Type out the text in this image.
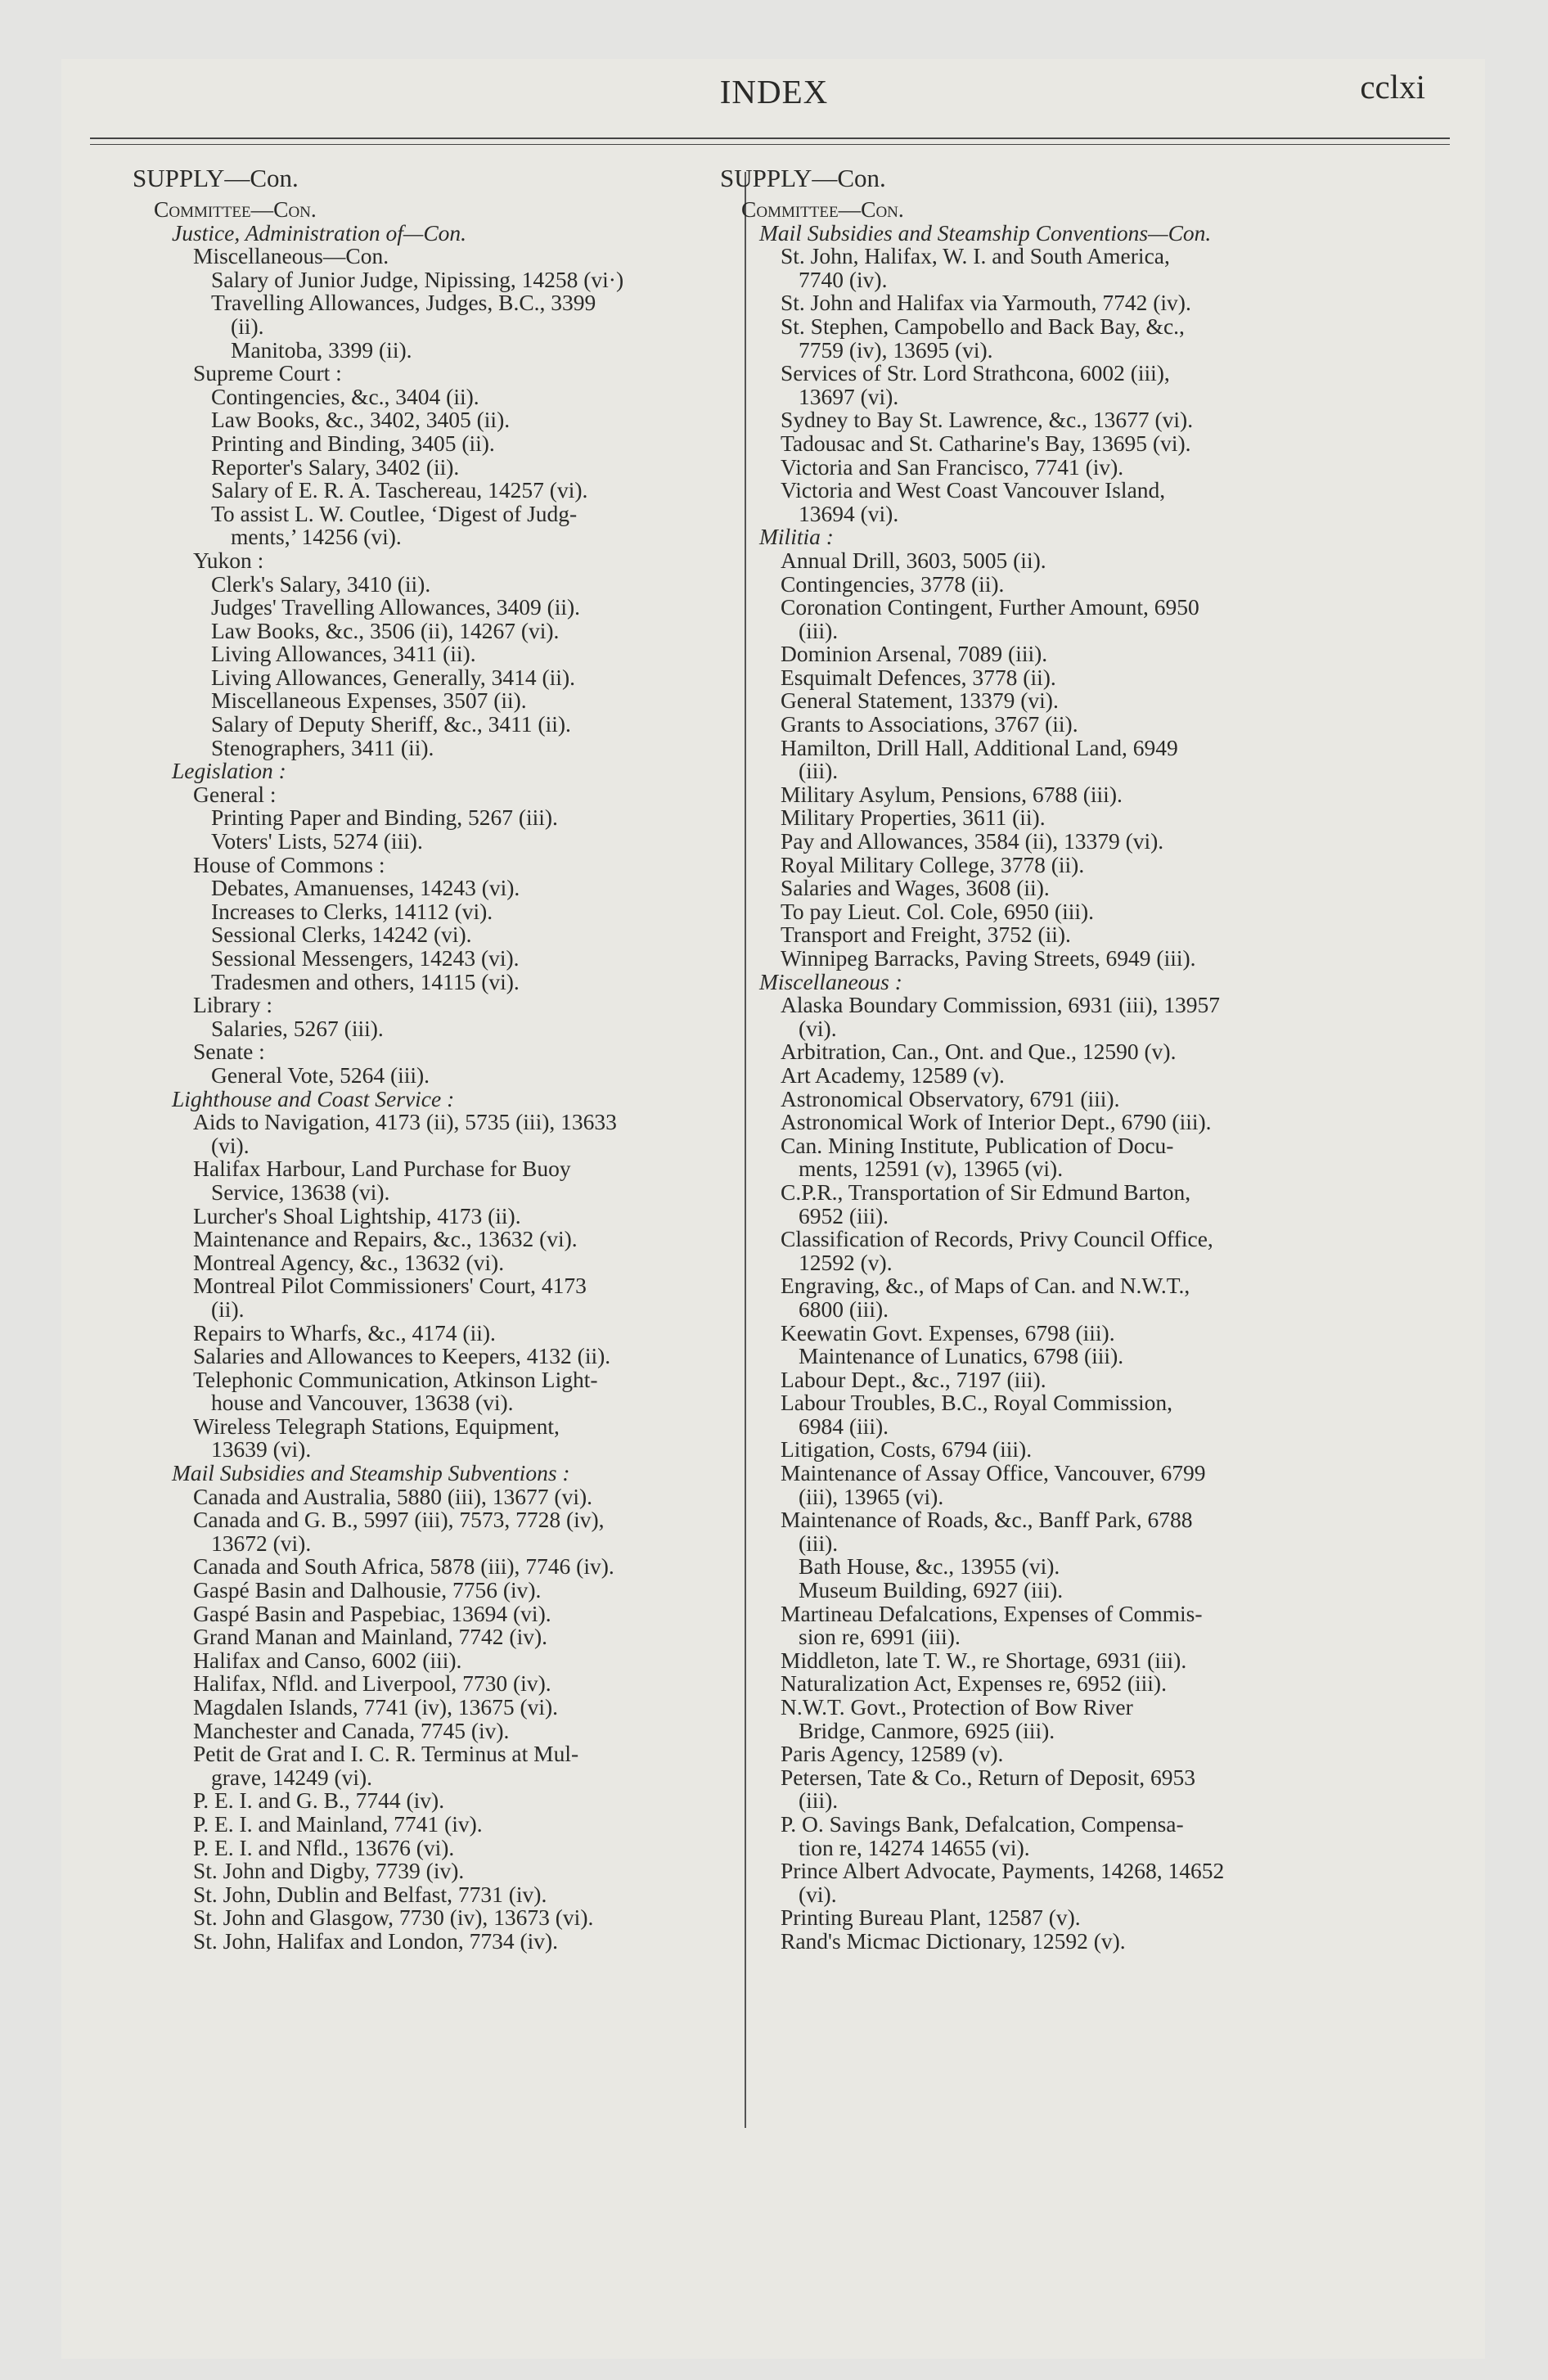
INDEX	cclxi
SUPPLY—Con.
Committee—Con.
Justice, Administration of—Con.
Miscellaneous—Con.
Salary of Junior Judge, Nipissing, 14258 (vi·)
Travelling Allowances, Judges, B.C., 3399
(ii).
Manitoba, 3399 (ii).
Supreme Court :
Contingencies, &c., 3404 (ii).
Law Books, &c., 3402, 3405 (ii).
Printing and Binding, 3405 (ii).
Reporter's Salary, 3402 (ii).
Salary of E. R. A. Taschereau, 14257 (vi).
To assist L. W. Coutlee, ‘Digest of Judg-
ments,’ 14256 (vi).
Yukon :
Clerk's Salary, 3410 (ii).
Judges' Travelling Allowances, 3409 (ii).
Law Books, &c., 3506 (ii), 14267 (vi).
Living Allowances, 3411 (ii).
Living Allowances, Generally, 3414 (ii).
Miscellaneous Expenses, 3507 (ii).
Salary of Deputy Sheriff, &c., 3411 (ii).
Stenographers, 3411 (ii).
Legislation :
General :
Printing Paper and Binding, 5267 (iii).
Voters' Lists, 5274 (iii).
House of Commons :
Debates, Amanuenses, 14243 (vi).
Increases to Clerks, 14112 (vi).
Sessional Clerks, 14242 (vi).
Sessional Messengers, 14243 (vi).
Tradesmen and others, 14115 (vi).
Library :
Salaries, 5267 (iii).
Senate :
General Vote, 5264 (iii).
Lighthouse and Coast Service :
Aids to Navigation, 4173 (ii), 5735 (iii), 13633
(vi).
Halifax Harbour, Land Purchase for Buoy
Service, 13638 (vi).
Lurcher's Shoal Lightship, 4173 (ii).
Maintenance and Repairs, &c., 13632 (vi).
Montreal Agency, &c., 13632 (vi).
Montreal Pilot Commissioners' Court, 4173
(ii).
Repairs to Wharfs, &c., 4174 (ii).
Salaries and Allowances to Keepers, 4132 (ii).
Telephonic Communication, Atkinson Light-
house and Vancouver, 13638 (vi).
Wireless Telegraph Stations, Equipment,
13639 (vi).
Mail Subsidies and Steamship Subventions :
Canada and Australia, 5880 (iii), 13677 (vi).
Canada and G. B., 5997 (iii), 7573, 7728 (iv),
13672 (vi).
Canada and South Africa, 5878 (iii), 7746 (iv).
Gaspé Basin and Dalhousie, 7756 (iv).
Gaspé Basin and Paspebiac, 13694 (vi).
Grand Manan and Mainland, 7742 (iv).
Halifax and Canso, 6002 (iii).
Halifax, Nfld. and Liverpool, 7730 (iv).
Magdalen Islands, 7741 (iv), 13675 (vi).
Manchester and Canada, 7745 (iv).
Petit de Grat and I. C. R. Terminus at Mul-
grave, 14249 (vi).
P. E. I. and G. B., 7744 (iv).
P. E. I. and Mainland, 7741 (iv).
P. E. I. and Nfld., 13676 (vi).
St. John and Digby, 7739 (iv).
St. John, Dublin and Belfast, 7731 (iv).
St. John and Glasgow, 7730 (iv), 13673 (vi).
St. John, Halifax and London, 7734 (iv).
SUPPLY—Con.
Committee—Con.
Mail Subsidies and Steamship Conventions—Con.
St. John, Halifax, W. I. and South America,
7740 (iv).
St. John and Halifax via Yarmouth, 7742 (iv).
St. Stephen, Campobello and Back Bay, &c.,
7759 (iv), 13695 (vi).
Services of Str. Lord Strathcona, 6002 (iii),
13697 (vi).
Sydney to Bay St. Lawrence, &c., 13677 (vi).
Tadousac and St. Catharine's Bay, 13695 (vi).
Victoria and San Francisco, 7741 (iv).
Victoria and West Coast Vancouver Island,
13694 (vi).
Militia :
Annual Drill, 3603, 5005 (ii).
Contingencies, 3778 (ii).
Coronation Contingent, Further Amount, 6950
(iii).
Dominion Arsenal, 7089 (iii).
Esquimalt Defences, 3778 (ii).
General Statement, 13379 (vi).
Grants to Associations, 3767 (ii).
Hamilton, Drill Hall, Additional Land, 6949
(iii).
Military Asylum, Pensions, 6788 (iii).
Military Properties, 3611 (ii).
Pay and Allowances, 3584 (ii), 13379 (vi).
Royal Military College, 3778 (ii).
Salaries and Wages, 3608 (ii).
To pay Lieut. Col. Cole, 6950 (iii).
Transport and Freight, 3752 (ii).
Winnipeg Barracks, Paving Streets, 6949 (iii).
Miscellaneous :
Alaska Boundary Commission, 6931 (iii), 13957
(vi).
Arbitration, Can., Ont. and Que., 12590 (v).
Art Academy, 12589 (v).
Astronomical Observatory, 6791 (iii).
Astronomical Work of Interior Dept., 6790 (iii).
Can. Mining Institute, Publication of Docu-
ments, 12591 (v), 13965 (vi).
C.P.R., Transportation of Sir Edmund Barton,
6952 (iii).
Classification of Records, Privy Council Office,
12592 (v).
Engraving, &c., of Maps of Can. and N.W.T.,
6800 (iii).
Keewatin Govt. Expenses, 6798 (iii).
Maintenance of Lunatics, 6798 (iii).
Labour Dept., &c., 7197 (iii).
Labour Troubles, B.C., Royal Commission,
6984 (iii).
Litigation, Costs, 6794 (iii).
Maintenance of Assay Office, Vancouver, 6799
(iii), 13965 (vi).
Maintenance of Roads, &c., Banff Park, 6788
(iii).
Bath House, &c., 13955 (vi).
Museum Building, 6927 (iii).
Martineau Defalcations, Expenses of Commis-
sion re, 6991 (iii).
Middleton, late T. W., re Shortage, 6931 (iii).
Naturalization Act, Expenses re, 6952 (iii).
N.W.T. Govt., Protection of Bow River
Bridge, Canmore, 6925 (iii).
Paris Agency, 12589 (v).
Petersen, Tate & Co., Return of Deposit, 6953
(iii).
P. O. Savings Bank, Defalcation, Compensa-
tion re, 14274 14655 (vi).
Prince Albert Advocate, Payments, 14268, 14652
(vi).
Printing Bureau Plant, 12587 (v).
Rand's Micmac Dictionary, 12592 (v).
